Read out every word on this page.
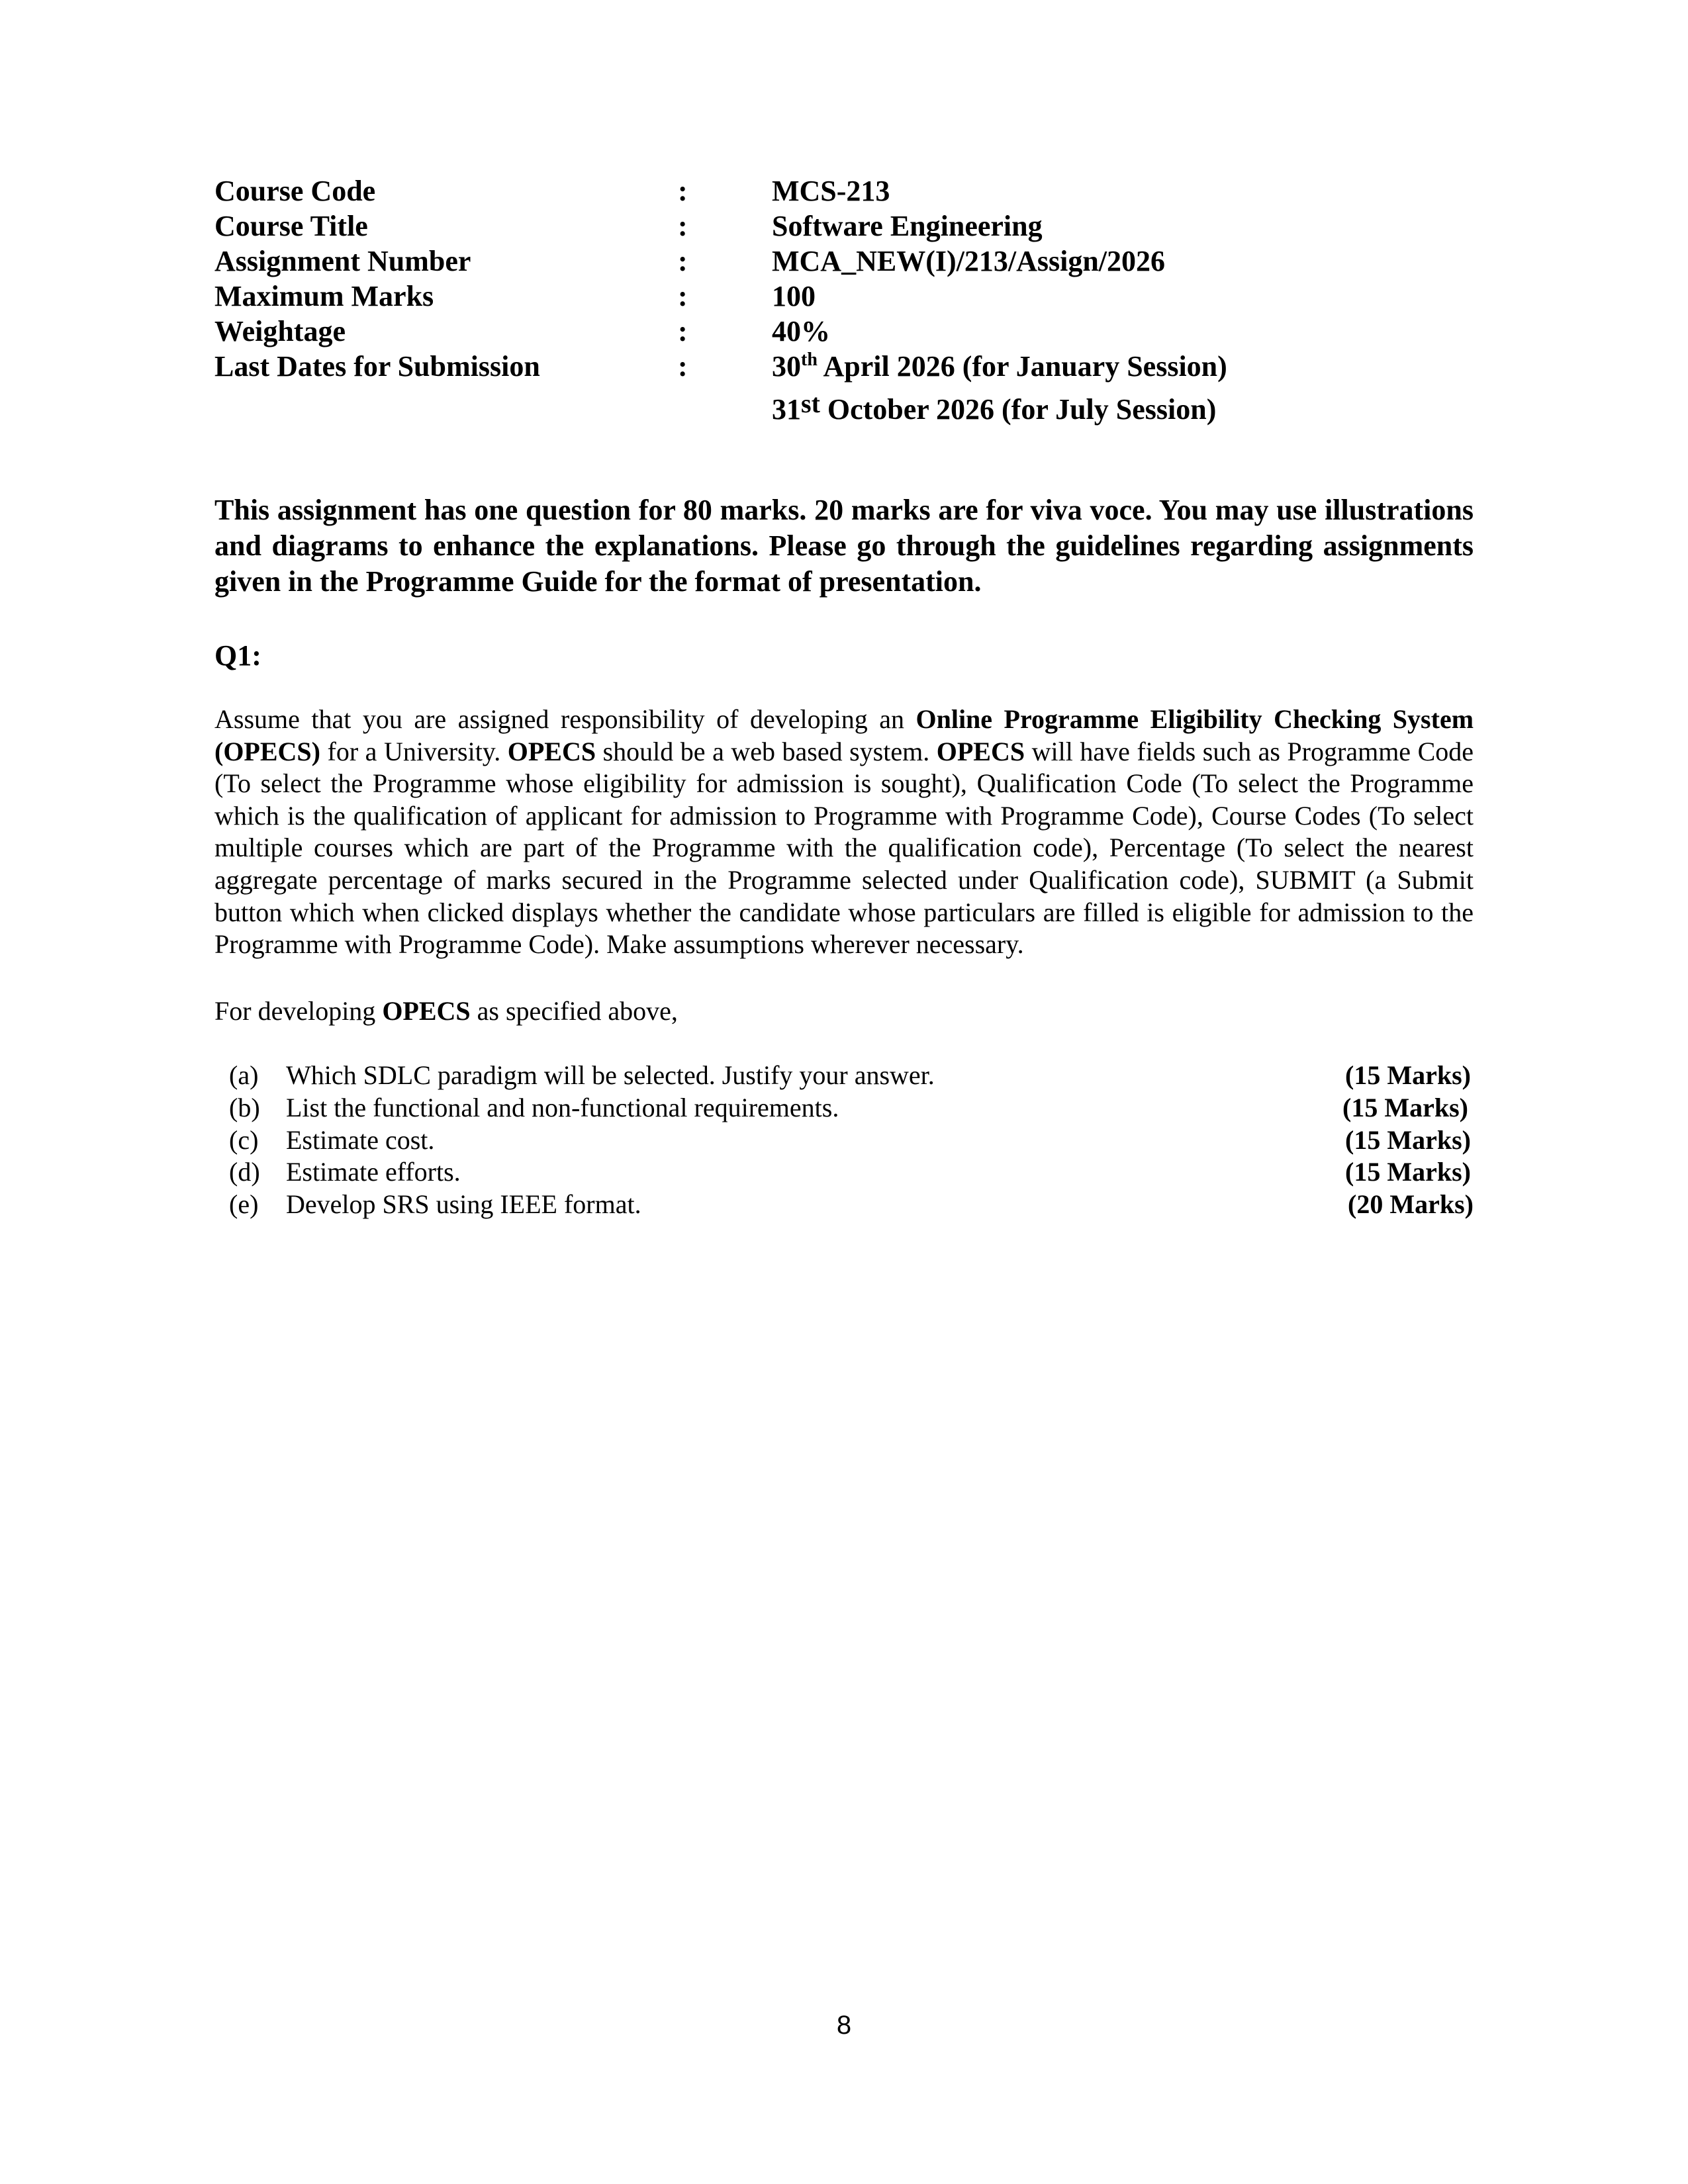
Course Code	:	MCS-213
Course Title	:	Software Engineering
Assignment Number	:	MCA_NEW(I)/213/Assign/2026
Maximum Marks	:	100
Weightage	:	40%
Last Dates for Submission	:	30th April 2026 (for January Session)
31st October 2026 (for July Session)
This assignment has one question for 80 marks. 20 marks are for viva voce. You may use illustrations and diagrams to enhance the explanations. Please go through the guidelines regarding assignments given in the Programme Guide for the format of presentation.
Q1:
Assume that you are assigned responsibility of developing an Online Programme Eligibility Checking System (OPECS) for a University. OPECS should be a web based system. OPECS will have fields such as Programme Code (To select the Programme whose eligibility for admission is sought), Qualification Code (To select the Programme which is the qualification of applicant for admission to Programme with Programme Code), Course Codes (To select multiple courses which are part of the Programme with the qualification code), Percentage (To select the nearest aggregate percentage of marks secured in the Programme selected under Qualification code), SUBMIT (a Submit button which when clicked displays whether the candidate whose particulars are filled is eligible for admission to the Programme with Programme Code). Make assumptions wherever necessary.
For developing OPECS as specified above,
(a) Which SDLC paradigm will be selected. Justify your answer.	(15 Marks)
(b) List the functional and non-functional requirements.	(15 Marks)
(c) Estimate cost.	(15 Marks)
(d) Estimate efforts.	(15 Marks)
(e) Develop SRS using IEEE format.	(20 Marks)
8
